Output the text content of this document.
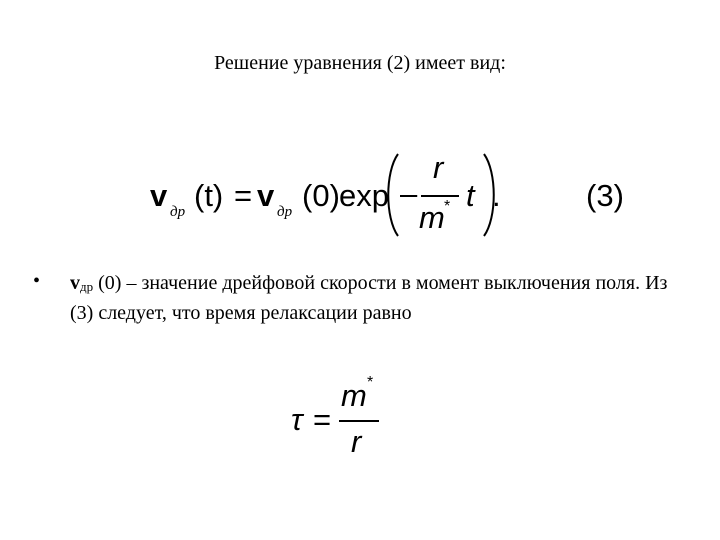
Решение уравнения (2) имеет вид:
v др (t) = v др (0) exp –
r
m * t .	(3)
• vдр (0) – значение дрейфовой скорости в момент выключения поля. Из (3) следует, что время релаксации равно
τ =
m *
r
